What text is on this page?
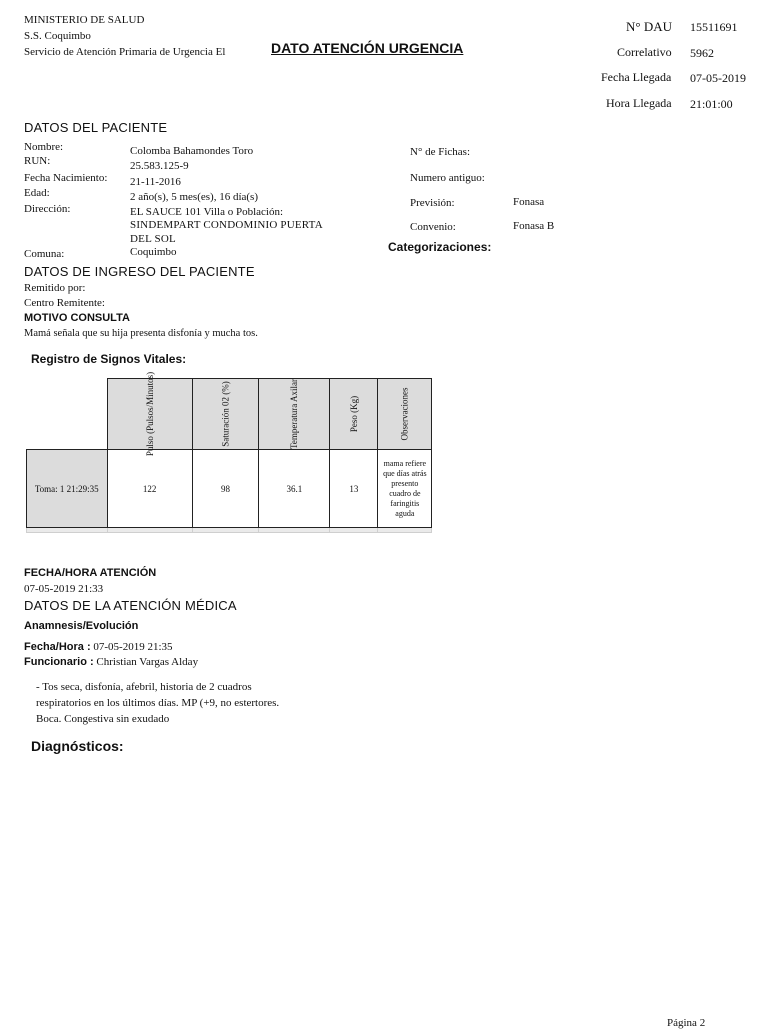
MINISTERIO DE SALUD
S.S. Coquimbo
Servicio de Atención Primaria de Urgencia El	DATO ATENCIÓN URGENCIA
N° DAU 15511691
Correlativo 5962
Fecha Llegada 07-05-2019
Hora Llegada 21:01:00
DATOS DEL PACIENTE
Nombre:	Colomba Bahamondes Toro
RUN:	25.583.125-9
Fecha Nacimiento: 21-11-2016
Edad:	2 año(s), 5 mes(es), 16 día(s)
Dirección:	EL SAUCE 101 Villa o Población:
SINDEMPART CONDOMINIO PUERTA
DEL SOL
Comuna:	Coquimbo
N° de Fichas:
Numero antiguo:
Previsión:	Fonasa
Convenio:	Fonasa B
Categorizaciones:
DATOS DE INGRESO DEL PACIENTE
Remitido por:
Centro Remitente:
MOTIVO CONSULTA
Mamá señala que su hija presenta disfonía y mucha tos.
Registro de Signos Vitales:
	Pulso (Pulsos/Minutos)	Saturación 02 (%)	Temperatura Axilar	Peso (Kg)	Observaciones
Toma: 1 21:29:35	122	98	36.1	13	mama refiere que días atrás presento cuadro de faringitis aguda

FECHA/HORA ATENCIÓN
07-05-2019 21:33
DATOS DE LA ATENCIÓN MÉDICA
Anamnesis/Evolución
Fecha/Hora : 07-05-2019 21:35
Funcionario : Christian Vargas Alday
- Tos seca, disfonía, afebril, historia de 2 cuadros
respiratorios en los últimos días. MP (+9, no estertores.
Boca. Congestiva sin exudado
Diagnósticos:
Página 2
